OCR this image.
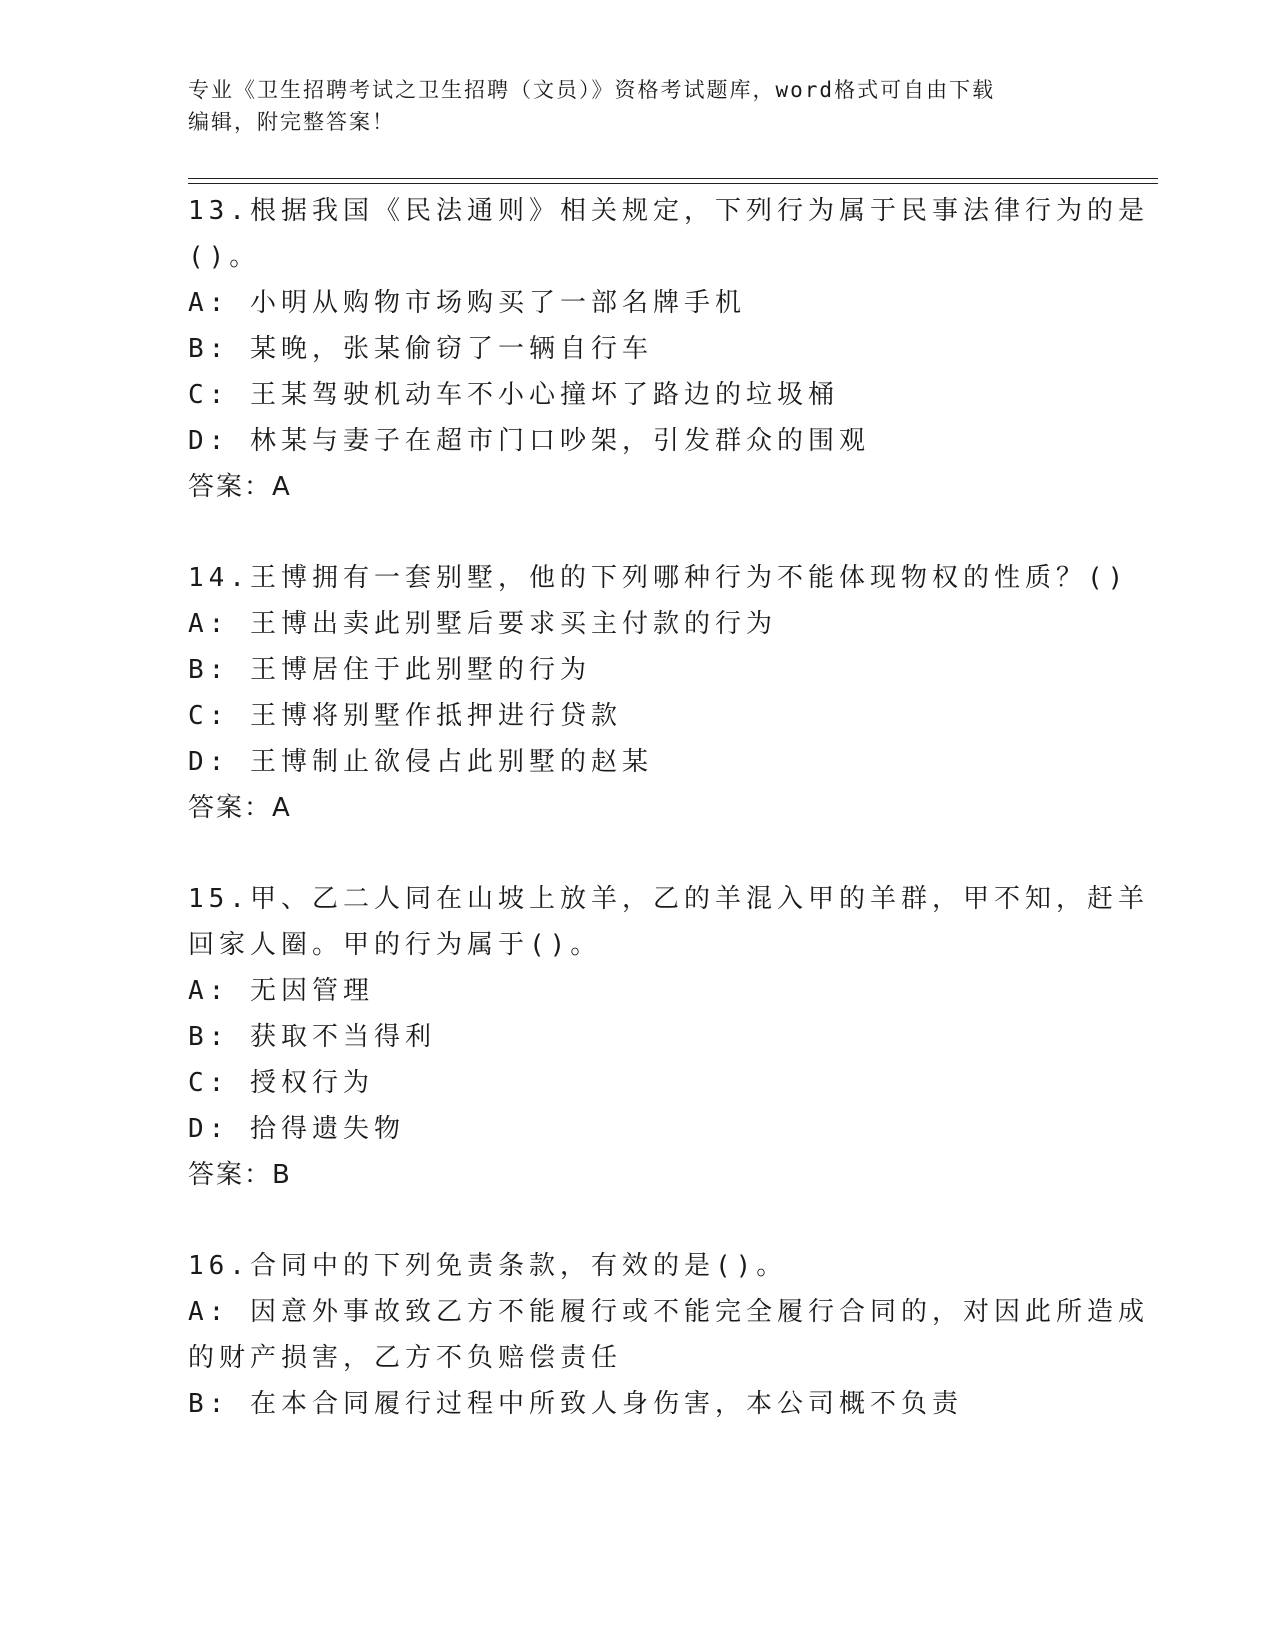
专业《卫生招聘考试之卫生招聘（文员）》资格考试题库，word格式可自由下载
编辑，附完整答案！
13.根据我国《民法通则》相关规定，下列行为属于民事法律行为的是
()。
A: 小明从购物市场购买了一部名牌手机
B: 某晚，张某偷窃了一辆自行车
C: 王某驾驶机动车不小心撞坏了路边的垃圾桶
D: 林某与妻子在超市门口吵架，引发群众的围观
答案：A
14.王博拥有一套别墅，他的下列哪种行为不能体现物权的性质？()
A: 王博出卖此别墅后要求买主付款的行为
B: 王博居住于此别墅的行为
C: 王博将别墅作抵押进行贷款
D: 王博制止欲侵占此别墅的赵某
答案：A
15.甲、乙二人同在山坡上放羊，乙的羊混入甲的羊群，甲不知，赶羊
回家人圈。甲的行为属于()。
A: 无因管理
B: 获取不当得利
C: 授权行为
D: 拾得遗失物
答案：B
16.合同中的下列免责条款，有效的是()。
A: 因意外事故致乙方不能履行或不能完全履行合同的，对因此所造成
的财产损害，乙方不负赔偿责任
B: 在本合同履行过程中所致人身伤害，本公司概不负责
